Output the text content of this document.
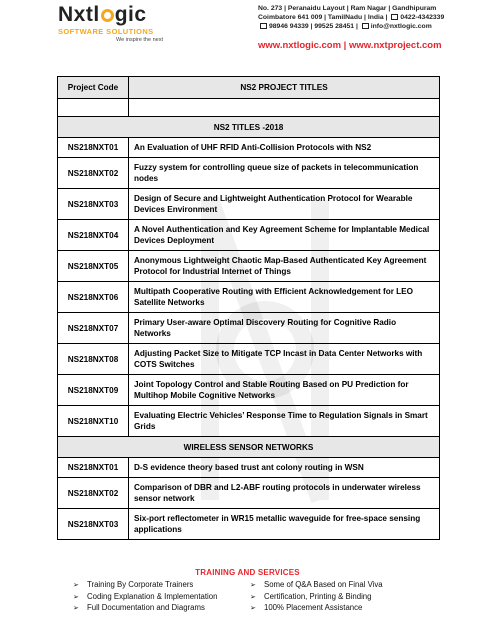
Nxtl gic
SOFTWARE SOLUTIONS
We inspire the next
No. 273 | Peranaidu Layout | Ram Nagar | Gandhipuram
Coimbatore 641 009 | TamilNadu | India | 0422-4342339
98946 94339 | 99525 28451 | info@nxtlogic.com
www.nxtlogic.com | www.nxtproject.com
Project Code	NS2 PROJECT TITLES

NS2 TITLES -2018	
NS218NXT01	An Evaluation of UHF RFID Anti-Collision Protocols with NS2
NS218NXT02	Fuzzy system for controlling queue size of packets in telecommunication nodes
NS218NXT03	Design of Secure and Lightweight Authentication Protocol for Wearable Devices Environment
NS218NXT04	A Novel Authentication and Key Agreement Scheme for Implantable Medical Devices Deployment
NS218NXT05	Anonymous Lightweight Chaotic Map-Based Authenticated Key Agreement Protocol for Industrial Internet of Things
NS218NXT06	Multipath Cooperative Routing with Efficient Acknowledgement for LEO Satellite Networks
NS218NXT07	Primary User-aware Optimal Discovery Routing for Cognitive Radio Networks
NS218NXT08	Adjusting Packet Size to Mitigate TCP Incast in Data Center Networks with COTS Switches
NS218NXT09	Joint Topology Control and Stable Routing Based on PU Prediction for Multihop Mobile Cognitive Networks
NS218NXT10	Evaluating Electric Vehicles’ Response Time to Regulation Signals in Smart Grids
WIRELESS SENSOR NETWORKS	
NS218NXT01	D-S evidence theory based trust ant colony routing in WSN
NS218NXT02	Comparison of DBR and L2-ABF routing protocols in underwater wireless sensor network
NS218NXT03	Six-port reflectometer in WR15 metallic waveguide for free-space sensing applications
TRAINING AND SERVICES
➢ Training By Corporate Trainers
➢ Coding Explanation & Implementation
➢ Full Documentation and Diagrams
➢ Some of Q&A Based on Final Viva
➢ Certification, Printing & Binding
➢ 100% Placement Assistance
